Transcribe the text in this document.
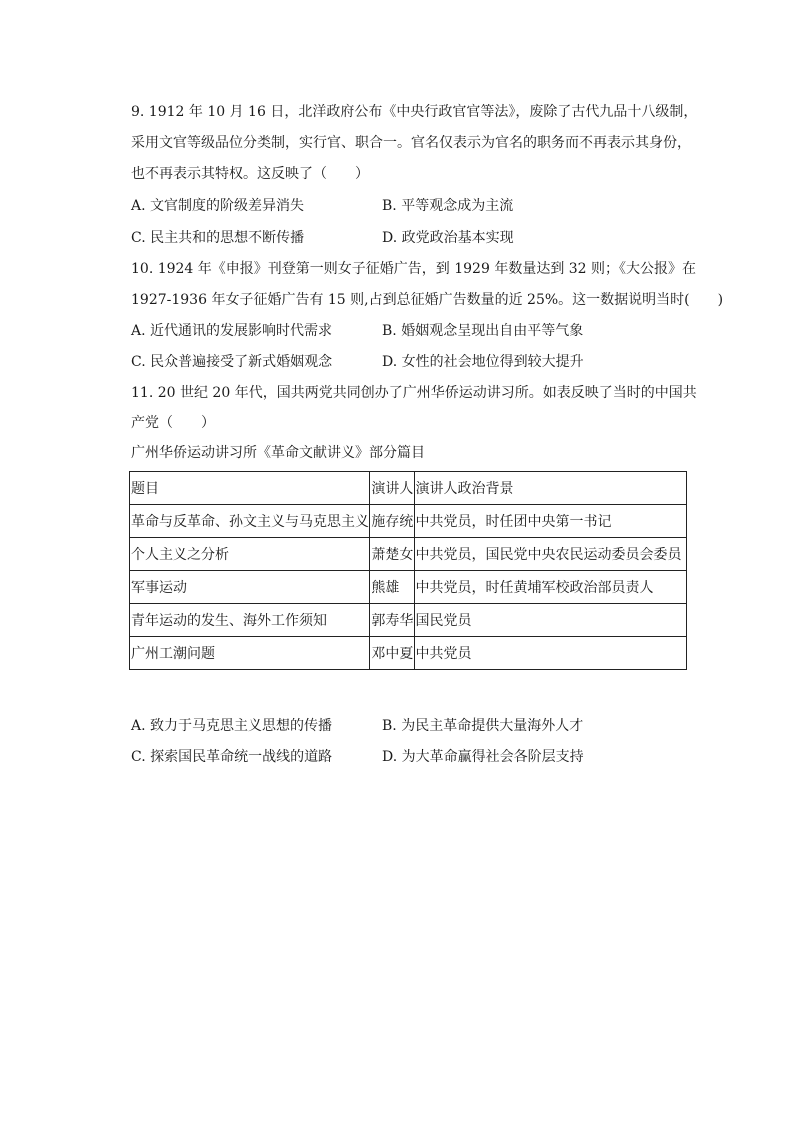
9. 1912 年 10 月 16 日，北洋政府公布《中央行政官官等法》，废除了古代九品十八级制，
采用文官等级品位分类制，实行官、职合一。官名仅表示为官名的职务而不再表示其身份，
也不再表示其特权。这反映了（　　）
A. 文官制度的阶级差异消失	B. 平等观念成为主流
C. 民主共和的思想不断传播	D. 政党政治基本实现
10. 1924 年《申报》刊登第一则女子征婚广告，到 1929 年数量达到 32 则；《大公报》在
1927-1936 年女子征婚广告有 15 则,占到总征婚广告数量的近 25%。这一数据说明当时(　　)
A. 近代通讯的发展影响时代需求	B. 婚姻观念呈现出自由平等气象
C. 民众普遍接受了新式婚姻观念	D. 女性的社会地位得到较大提升
11. 20 世纪 20 年代，国共两党共同创办了广州华侨运动讲习所。如表反映了当时的中国共
产党（　　）
广州华侨运动讲习所《革命文献讲义》部分篇目
题目	演讲人	演讲人政治背景
革命与反革命、孙文主义与马克思主义	施存统	中共党员，时任团中央第一书记
个人主义之分析	萧楚女	中共党员，国民党中央农民运动委员会委员
军事运动	熊雄	中共党员，时任黄埔军校政治部员责人
青年运动的发生、海外工作须知	郭寿华	国民党员
广州工潮问题	邓中夏	中共党员
A. 致力于马克思主义思想的传播	B. 为民主革命提供大量海外人才
C. 探索国民革命统一战线的道路	D. 为大革命赢得社会各阶层支持
